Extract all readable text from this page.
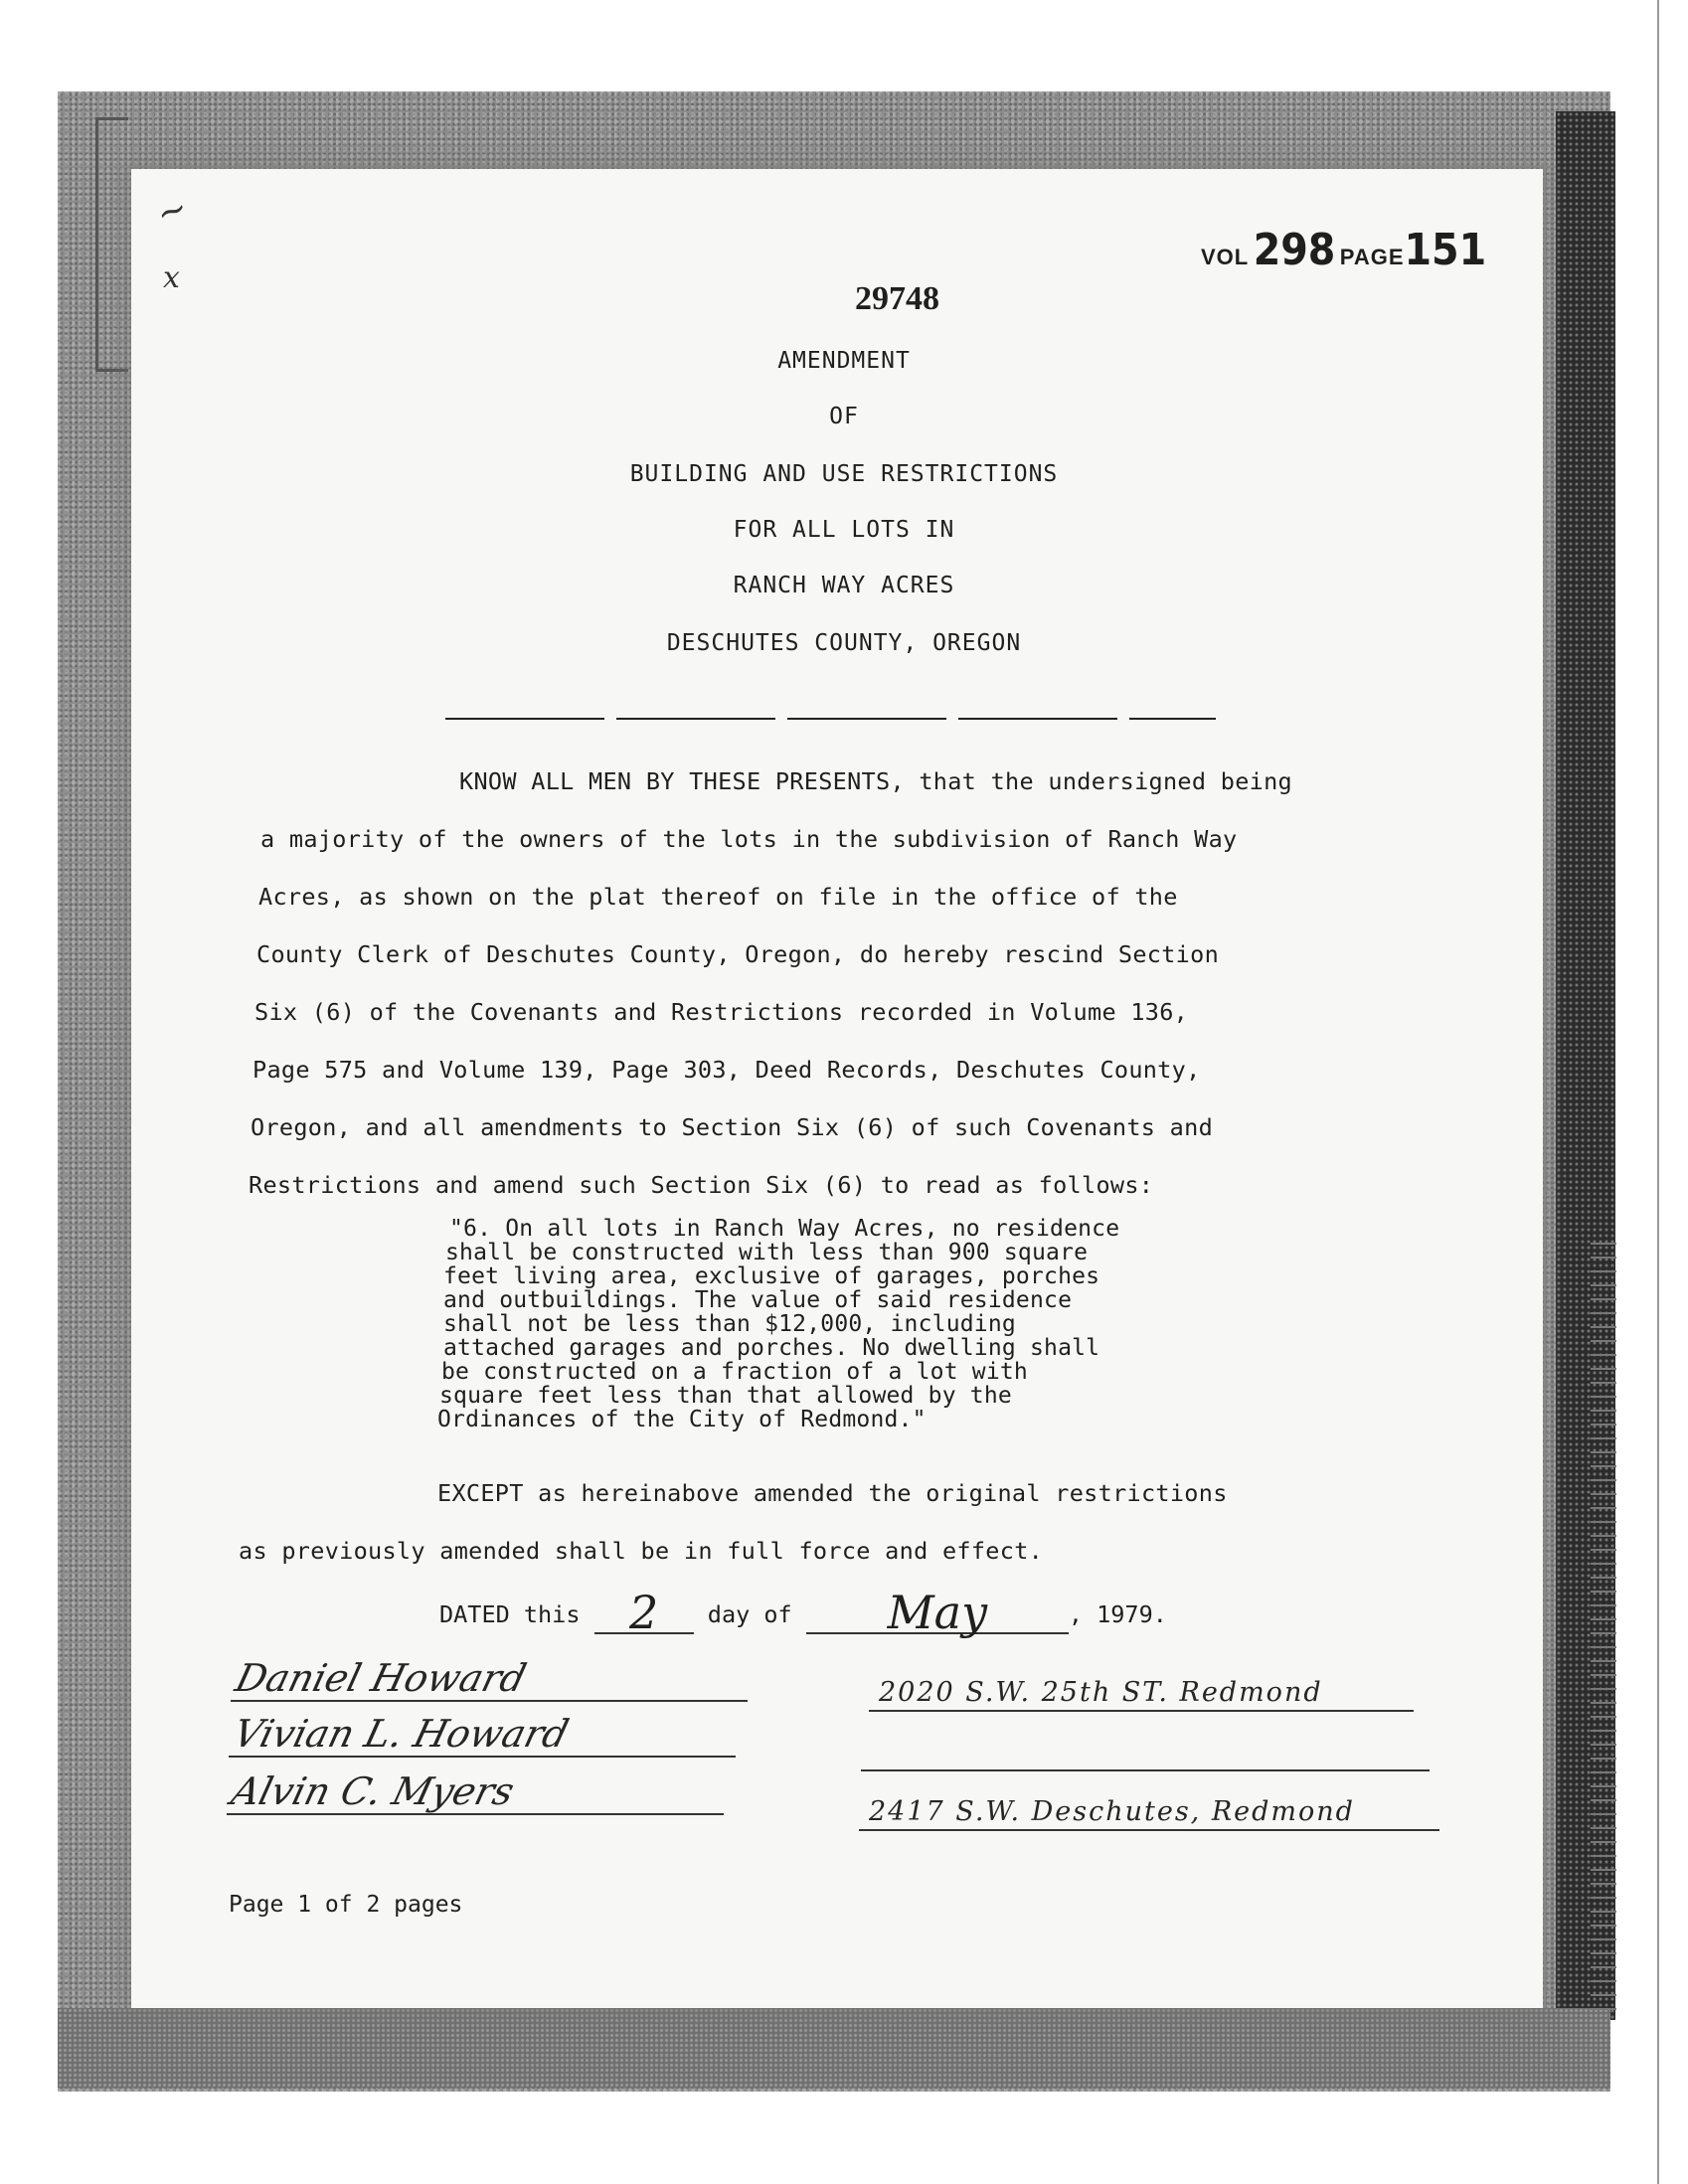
~
x
VOL 298 PAGE151
29748
AMENDMENT
OF
BUILDING AND USE RESTRICTIONS
FOR ALL LOTS IN
RANCH WAY ACRES
DESCHUTES COUNTY, OREGON
KNOW ALL MEN BY THESE PRESENTS, that the undersigned being
a majority of the owners of the lots in the subdivision of Ranch Way
Acres, as shown on the plat thereof on file in the office of the
County Clerk of Deschutes County, Oregon, do hereby rescind Section
Six (6) of the Covenants and Restrictions recorded in Volume 136,
Page 575 and Volume 139, Page 303, Deed Records, Deschutes County,
Oregon, and all amendments to Section Six (6) of such Covenants and
Restrictions and amend such Section Six (6) to read as follows:
"6. On all lots in Ranch Way Acres, no residence
shall be constructed with less than 900 square
feet living area, exclusive of garages, porches
and outbuildings. The value of said residence
shall not be less than $12,000, including
attached garages and porches. No dwelling shall
be constructed on a fraction of a lot with
square feet less than that allowed by the
Ordinances of the City of Redmond."
EXCEPT as hereinabove amended the original restrictions
as previously amended shall be in full force and effect.
DATED this 2 day of May	, 1979.
Daniel Howard
Vivian L. Howard
Alvin C. Myers
2020 S.W. 25th ST. Redmond
2417 S.W. Deschutes, Redmond
Page 1 of 2 pages
